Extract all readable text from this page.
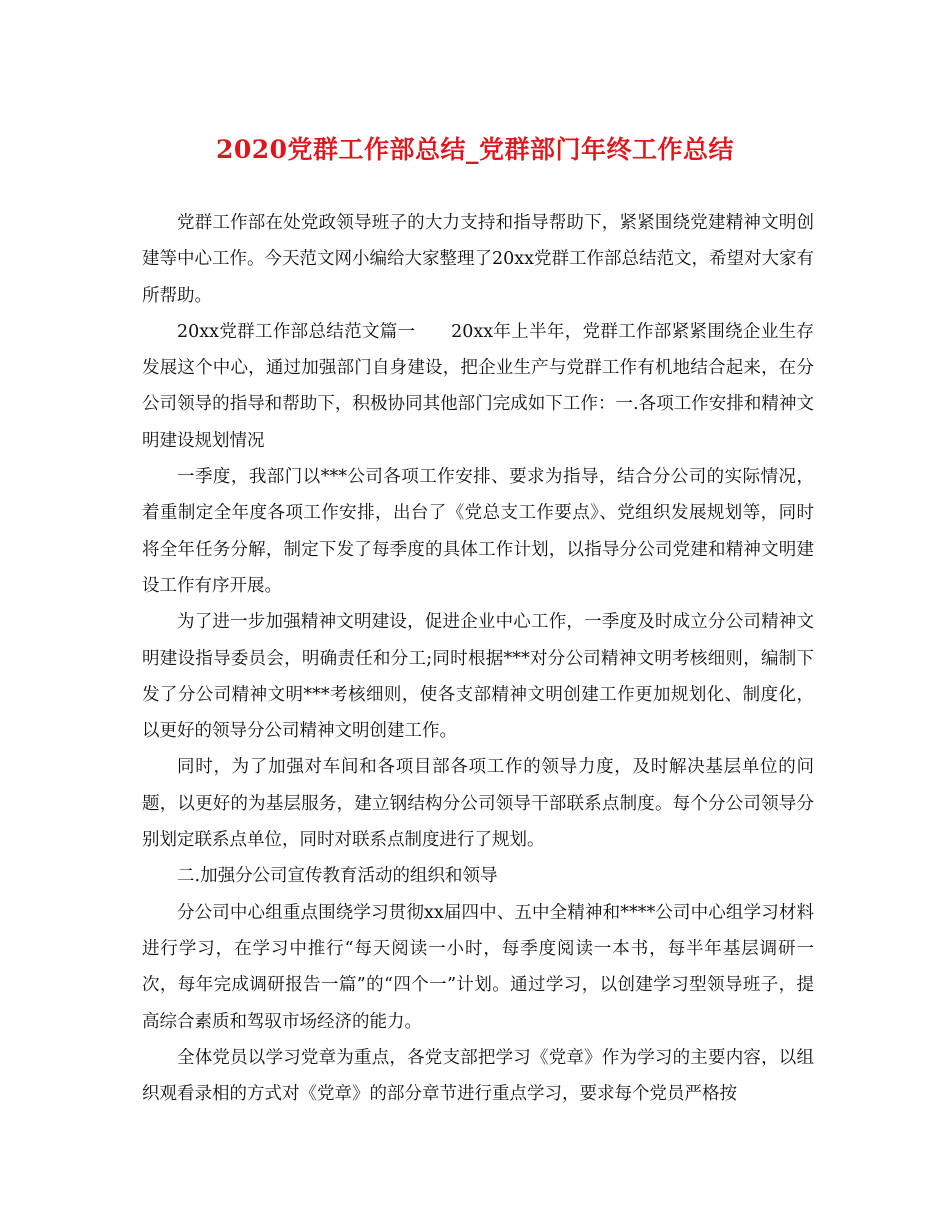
2020党群工作部总结_党群部门年终工作总结

党群工作部在处党政领导班子的大力支持和指导帮助下，紧紧围绕党建精神文明创建等中心工作。今天范文网小编给大家整理了20xx党群工作部总结范文，希望对大家有所帮助。

20xx党群工作部总结范文篇一　　20xx年上半年，党群工作部紧紧围绕企业生存发展这个中心，通过加强部门自身建设，把企业生产与党群工作有机地结合起来，在分公司领导的指导和帮助下，积极协同其他部门完成如下工作：一.各项工作安排和精神文明建设规划情况

一季度，我部门以***公司各项工作安排、要求为指导，结合分公司的实际情况，着重制定全年度各项工作安排，出台了《党总支工作要点》、党组织发展规划等，同时将全年任务分解，制定下发了每季度的具体工作计划，以指导分公司党建和精神文明建设工作有序开展。

为了进一步加强精神文明建设，促进企业中心工作，一季度及时成立分公司精神文明建设指导委员会，明确责任和分工;同时根据***对分公司精神文明考核细则，编制下发了分公司精神文明***考核细则，使各支部精神文明创建工作更加规划化、制度化，以更好的领导分公司精神文明创建工作。

同时，为了加强对车间和各项目部各项工作的领导力度，及时解决基层单位的问题，以更好的为基层服务，建立钢结构分公司领导干部联系点制度。每个分公司领导分别划定联系点单位，同时对联系点制度进行了规划。

二.加强分公司宣传教育活动的组织和领导

分公司中心组重点围绕学习贯彻xx届四中、五中全精神和****公司中心组学习材料进行学习，在学习中推行“每天阅读一小时，每季度阅读一本书，每半年基层调研一次，每年完成调研报告一篇”的“四个一”计划。通过学习，以创建学习型领导班子，提高综合素质和驾驭市场经济的能力。

全体党员以学习党章为重点，各党支部把学习《党章》作为学习的主要内容，以组织观看录相的方式对《党章》的部分章节进行重点学习，要求每个党员严格按
